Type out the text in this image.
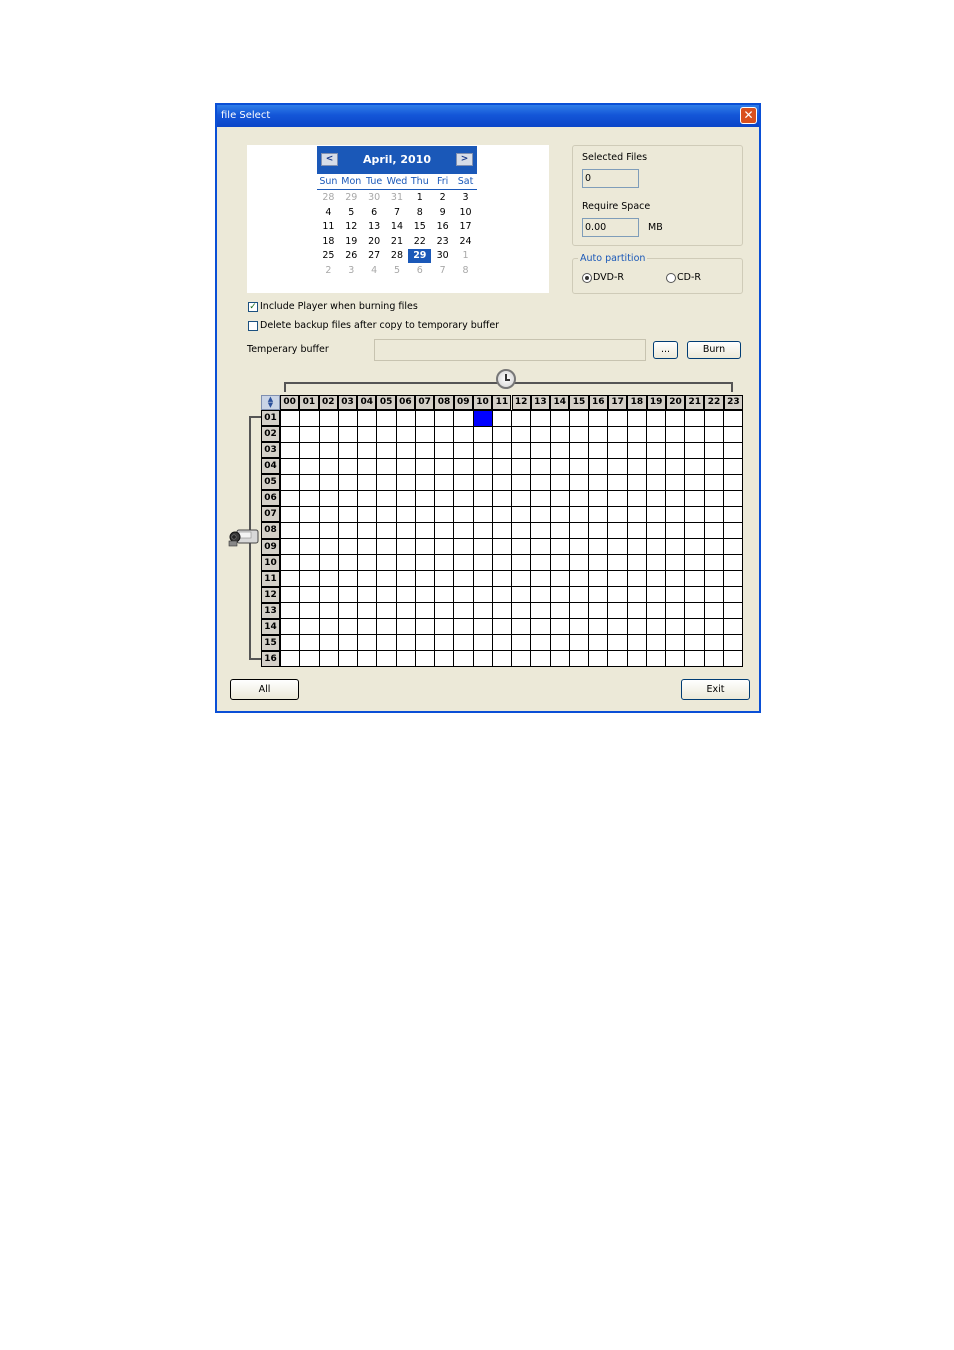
file Select	✕
<	April, 2010	>
Sun Mon Tue Wed Thu Fri Sat
28	29	30	31	1	2	3
4	5	6	7	8	9	10
11	12	13	14	15	16	17
18	19	20	21	22	23	24
25	26	27	28	29	30	1
2	3	4	5	6	7	8
Selected Files
0
Require Space
0.00	MB
Auto partition
DVD-R	CD-R
✓ Include Player when burning files
Delete backup files after copy to temporary buffer
Temperary buffer	...	Burn
▲
▼	00 01 02 03 04 05 06 07 08 09 10 11 12 13 14 15 16 17 18 19 20 21 22 23
01
02
03
04
05
06
07
08
09
10
11
12
13
14
15
16
All	Exit
